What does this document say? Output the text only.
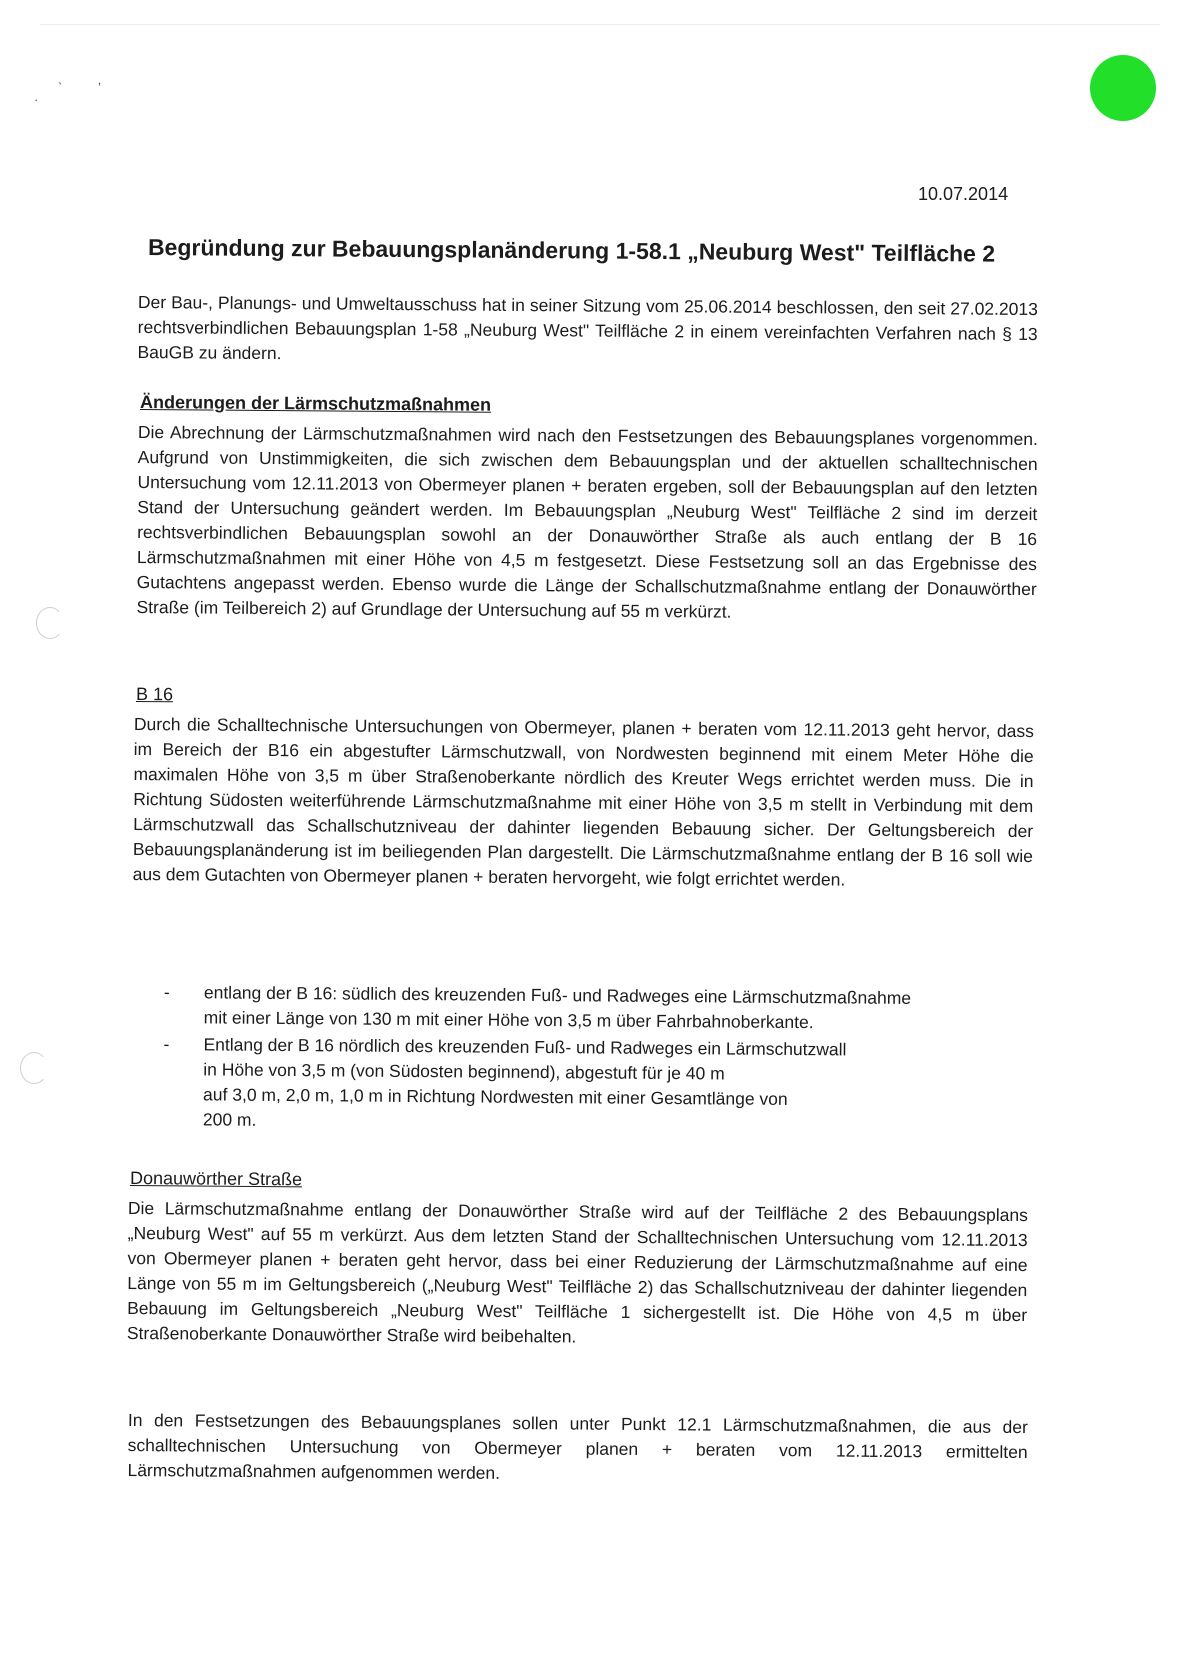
·
`
‚
10.07.2014
Begründung zur Bebauungsplanänderung 1-58.1 „Neuburg West" Teilfläche 2

Der Bau-, Planungs- und Umweltausschuss hat in seiner Sitzung vom 25.06.2014 beschlossen, den seit 27.02.2013 rechtsverbindlichen Bebauungsplan 1-58 „Neuburg West" Teilfläche 2 in einem vereinfachten Verfahren nach § 13 BauGB zu ändern.

Änderungen der Lärmschutzmaßnahmen

Die Abrechnung der Lärmschutzmaßnahmen wird nach den Festsetzungen des Bebauungsplanes vorgenommen. Aufgrund von Unstimmigkeiten, die sich zwischen dem Bebauungsplan und der aktuellen schalltechnischen Untersuchung vom 12.11.2013 von Obermeyer planen + beraten ergeben, soll der Bebauungsplan auf den letzten Stand der Untersuchung geändert werden. Im Bebauungsplan „Neuburg West" Teilfläche 2 sind im derzeit rechtsverbindlichen Bebauungsplan sowohl an der Donauwörther Straße als auch entlang der B 16 Lärmschutzmaßnahmen mit einer Höhe von 4,5 m festgesetzt. Diese Festsetzung soll an das Ergebnisse des Gutachtens angepasst werden. Ebenso wurde die Länge der Schallschutzmaßnahme entlang der Donauwörther Straße (im Teilbereich 2) auf Grundlage der Untersuchung auf 55 m verkürzt.

B 16

Durch die Schalltechnische Untersuchungen von Obermeyer, planen + beraten vom 12.11.2013 geht hervor, dass im Bereich der B16 ein abgestufter Lärmschutzwall, von Nordwesten beginnend mit einem Meter Höhe die maximalen Höhe von 3,5 m über Straßenoberkante nördlich des Kreuter Wegs errichtet werden muss. Die in Richtung Südosten weiterführende Lärmschutzmaßnahme mit einer Höhe von 3,5 m stellt in Verbindung mit dem Lärmschutzwall das Schallschutzniveau der dahinter liegenden Bebauung sicher. Der Geltungsbereich der Bebauungsplanänderung ist im beiliegenden Plan dargestellt. Die Lärmschutzmaßnahme entlang der B 16 soll wie aus dem Gutachten von Obermeyer planen + beraten hervorgeht, wie folgt errichtet werden.

- entlang der B 16: südlich des kreuzenden Fuß- und Radweges eine Lärmschutzmaßnahme
mit einer Länge von 130 m mit einer Höhe von 3,5 m über Fahrbahnoberkante.
- Entlang der B 16 nördlich des kreuzenden Fuß- und Radweges ein Lärmschutzwall
in Höhe von 3,5 m (von Südosten beginnend), abgestuft für je 40 m
auf 3,0 m, 2,0 m, 1,0 m in Richtung Nordwesten mit einer Gesamtlänge von
200 m.
Donauwörther Straße

Die Lärmschutzmaßnahme entlang der Donauwörther Straße wird auf der Teilfläche 2 des Bebauungsplans „Neuburg West" auf 55 m verkürzt. Aus dem letzten Stand der Schalltechnischen Untersuchung vom 12.11.2013 von Obermeyer planen + beraten geht hervor, dass bei einer Reduzierung der Lärmschutzmaßnahme auf eine Länge von 55 m im Geltungsbereich („Neuburg West" Teilfläche 2) das Schallschutzniveau der dahinter liegenden Bebauung im Geltungsbereich „Neuburg West" Teilfläche 1 sichergestellt ist. Die Höhe von 4,5 m über Straßenoberkante Donauwörther Straße wird beibehalten.

In den Festsetzungen des Bebauungsplanes sollen unter Punkt 12.1 Lärmschutzmaßnahmen, die aus der schalltechnischen Untersuchung von Obermeyer planen + beraten vom 12.11.2013 ermittelten Lärmschutzmaßnahmen aufgenommen werden.
